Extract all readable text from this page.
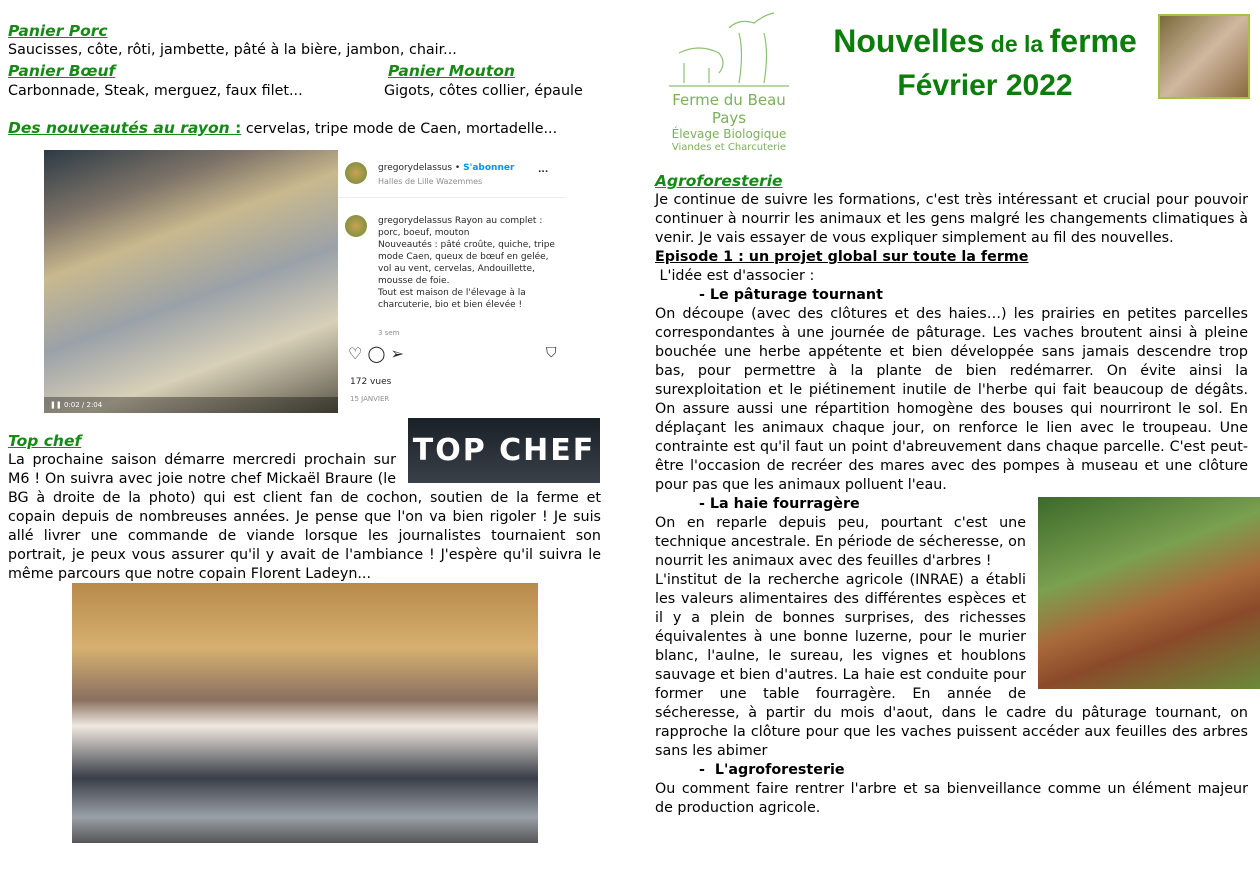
Panier Porc
Saucisses, côte, rôti, jambette, pâté à la bière, jambon, chair...
Panier Bœuf
Carbonnade, Steak, merguez, faux filet...
Panier Mouton
Gigots, côtes collier, épaule
Des nouveautés au rayon : cervelas, tripe mode de Caen, mortadelle...
❚❚ 0:02 / 2:04
gregorydelassus • S'abonner
Halles de Lille Wazemmes
...

gregorydelassus Rayon au complet : porc, boeuf, mouton

Nouveautés : pâté croûte, quiche, tripe mode Caen, queux de bœuf en gelée, vol au vent, cervelas, Andouillette, mousse de foie.

Tout est maison de l'élevage à la charcuterie, bio et bien élevée !

3 sem
♡ ◯ ➢	⛉
172 vues
15 JANVIER
TOP CHEF
Top chef

La prochaine saison démarre mercredi prochain sur M6 ! On suivra avec joie notre chef Mickaël Braure (le BG à droite de la photo) qui est client fan de cochon, soutien de la ferme et copain depuis de nombreuses années. Je pense que l'on va bien rigoler ! Je suis allé livrer une commande de viande lorsque les journalistes tournaient son portrait, je peux vous assurer qu'il y avait de l'ambiance ! J'espère qu'il suivra le même parcours que notre copain Florent Ladeyn...

Ferme du Beau Pays
Élevage Biologique
Viandes et Charcuterie
Nouvelles de la ferme
Février 2022
Agroforesterie

Je continue de suivre les formations, c'est très intéressant et crucial pour pouvoir continuer à nourrir les animaux et les gens malgré les changements climatiques à venir. Je vais essayer de vous expliquer simplement au fil des nouvelles.

Episode 1 : un projet global sur toute la ferme

L'idée est d'associer :

- Le pâturage tournant

On découpe (avec des clôtures et des haies…) les prairies en petites parcelles correspondantes à une journée de pâturage. Les vaches broutent ainsi à pleine bouchée une herbe appétente et bien développée sans jamais descendre trop bas, pour permettre à la plante de bien redémarrer. On évite ainsi la surexploitation et le piétinement inutile de l'herbe qui fait beaucoup de dégâts. On assure aussi une répartition homogène des bouses qui nourriront le sol. En déplaçant les animaux chaque jour, on renforce le lien avec le troupeau. Une contrainte est qu'il faut un point d'abreuvement dans chaque parcelle. C'est peut-être l'occasion de recréer des mares avec des pompes à museau et une clôture pour pas que les animaux polluent l'eau.

- La haie fourragère

On en reparle depuis peu, pourtant c'est une technique ancestrale. En période de sécheresse, on nourrit les animaux avec des feuilles d'arbres !

L'institut de la recherche agricole (INRAE) a établi les valeurs alimentaires des différentes espèces et il y a plein de bonnes surprises, des richesses équivalentes à une bonne luzerne, pour le murier blanc, l'aulne, le sureau, les vignes et houblons sauvage et bien d'autres. La haie est conduite pour former une table fourragère. En année de sécheresse, à partir du mois d'aout, dans le cadre du pâturage tournant, on rapproche la clôture pour que les vaches puissent accéder aux feuilles des arbres sans les abimer

-  L'agroforesterie

Ou comment faire rentrer l'arbre et sa bienveillance comme un élément majeur de production agricole.
